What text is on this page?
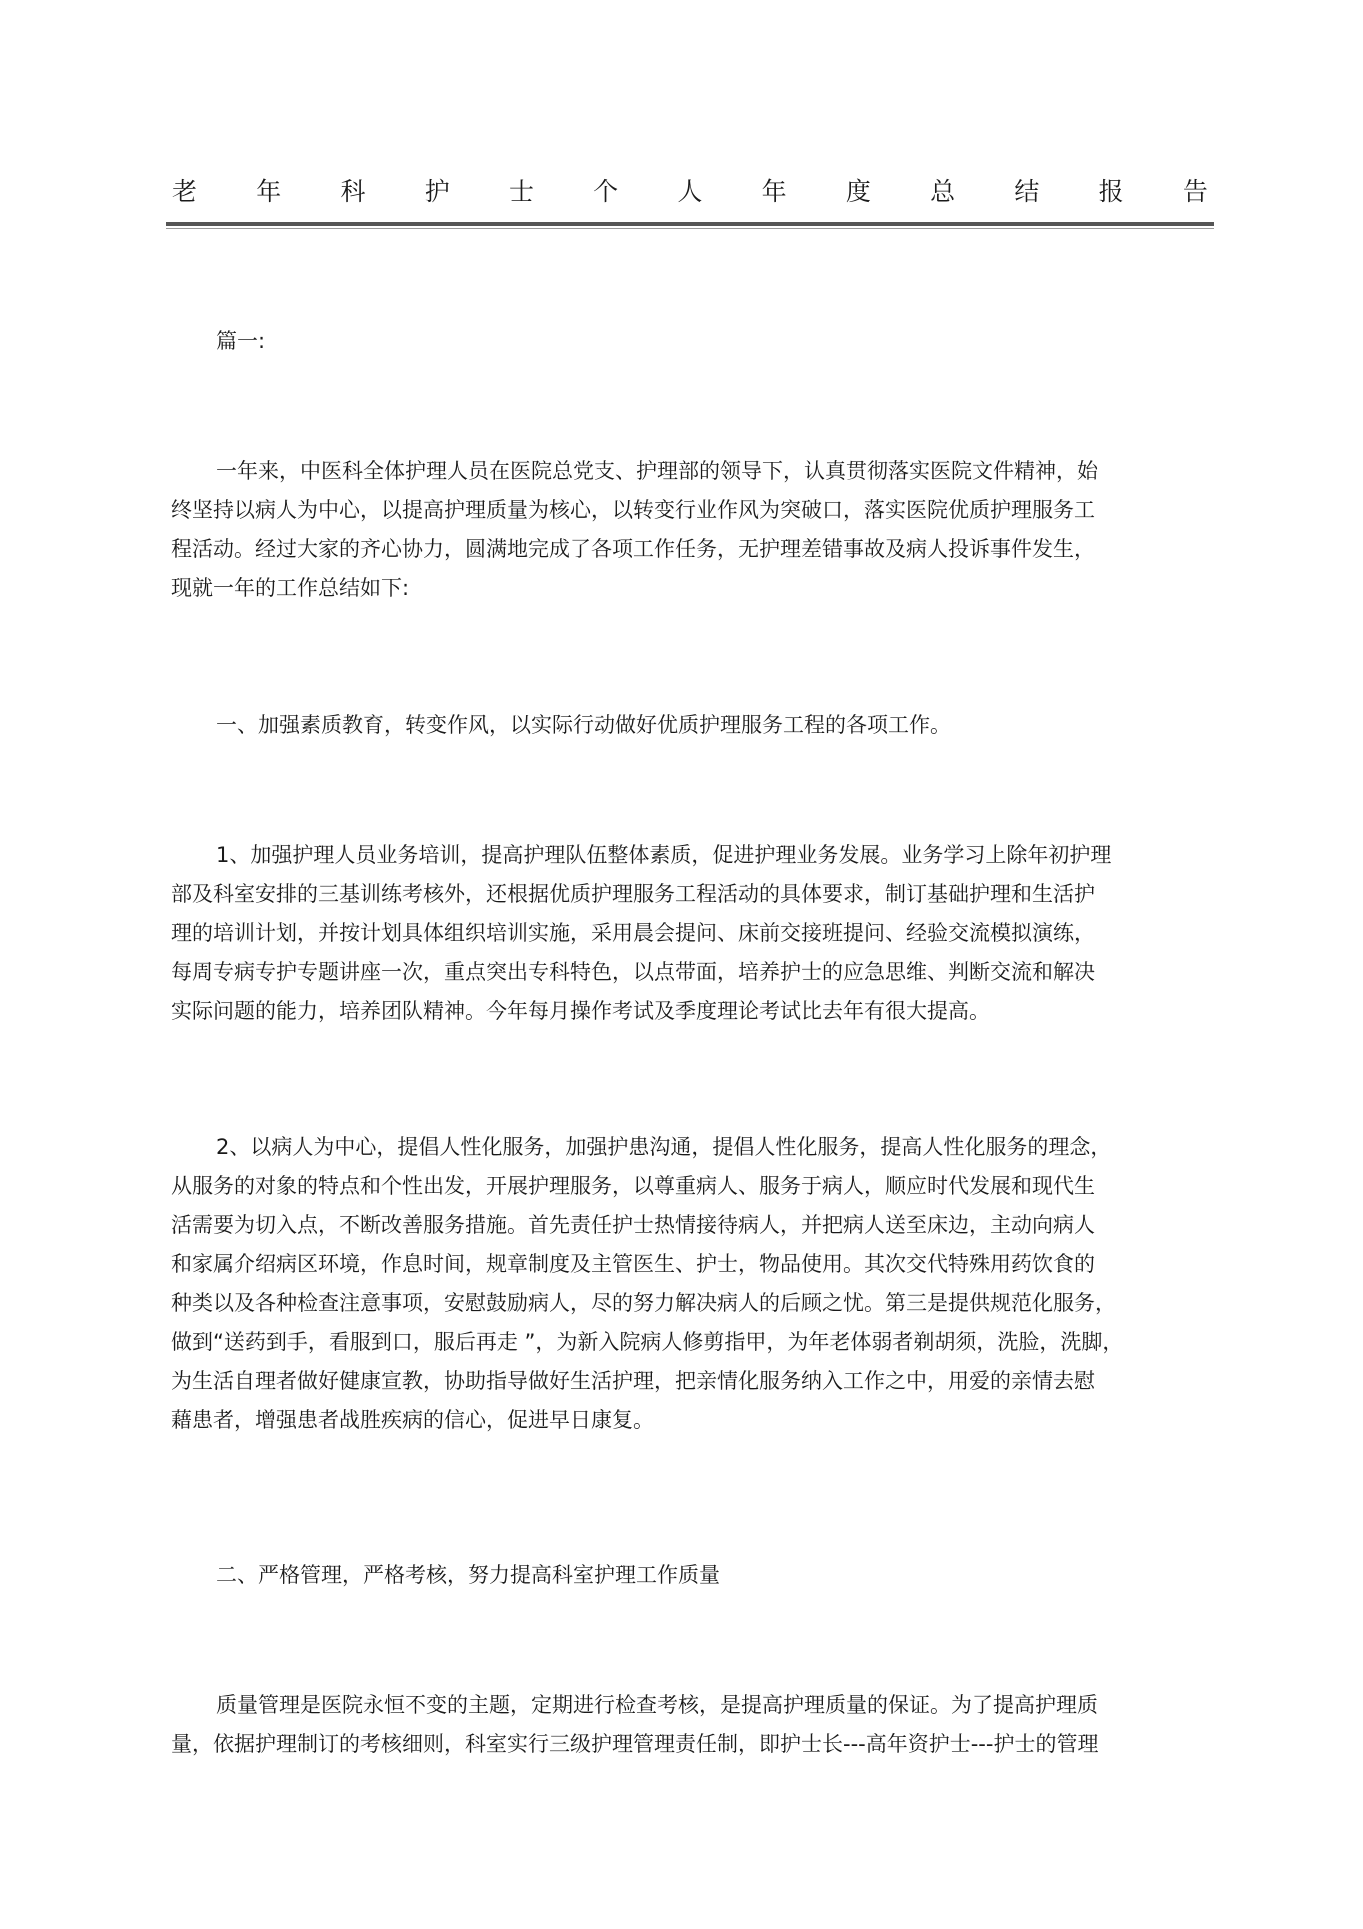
老 年 科 护 士 个 人 年 度 总 结 报 告
篇一:
一年来，中医科全体护理人员在医院总党支、护理部的领导下，认真贯彻落实医院文件精神，始
终坚持以病人为中心，以提高护理质量为核心，以转变行业作风为突破口，落实医院优质护理服务工
程活动。经过大家的齐心协力，圆满地完成了各项工作任务，无护理差错事故及病人投诉事件发生，
现就一年的工作总结如下:
一、加强素质教育，转变作风，以实际行动做好优质护理服务工程的各项工作。
1、加强护理人员业务培训，提高护理队伍整体素质，促进护理业务发展。业务学习上除年初护理
部及科室安排的三基训练考核外，还根据优质护理服务工程活动的具体要求，制订基础护理和生活护
理的培训计划，并按计划具体组织培训实施，采用晨会提问、床前交接班提问、经验交流模拟演练，
每周专病专护专题讲座一次，重点突出专科特色，以点带面，培养护士的应急思维、判断交流和解决
实际问题的能力，培养团队精神。今年每月操作考试及季度理论考试比去年有很大提高。
2、以病人为中心，提倡人性化服务，加强护患沟通，提倡人性化服务，提高人性化服务的理念，
从服务的对象的特点和个性出发，开展护理服务，以尊重病人、服务于病人，顺应时代发展和现代生
活需要为切入点，不断改善服务措施。首先责任护士热情接待病人，并把病人送至床边，主动向病人
和家属介绍病区环境，作息时间，规章制度及主管医生、护士，物品使用。其次交代特殊用药饮食的
种类以及各种检查注意事项，安慰鼓励病人，尽的努力解决病人的后顾之忧。第三是提供规范化服务，
做到“送药到手，看服到口，服后再走 ”，为新入院病人修剪指甲，为年老体弱者剃胡须，洗脸，洗脚，
为生活自理者做好健康宣教，协助指导做好生活护理，把亲情化服务纳入工作之中，用爱的亲情去慰
藉患者，增强患者战胜疾病的信心，促进早日康复。
二、严格管理，严格考核，努力提高科室护理工作质量
质量管理是医院永恒不变的主题，定期进行检查考核，是提高护理质量的保证。为了提高护理质
量，依据护理制订的考核细则，科室实行三级护理管理责任制，即护士长---高年资护士---护士的管理
